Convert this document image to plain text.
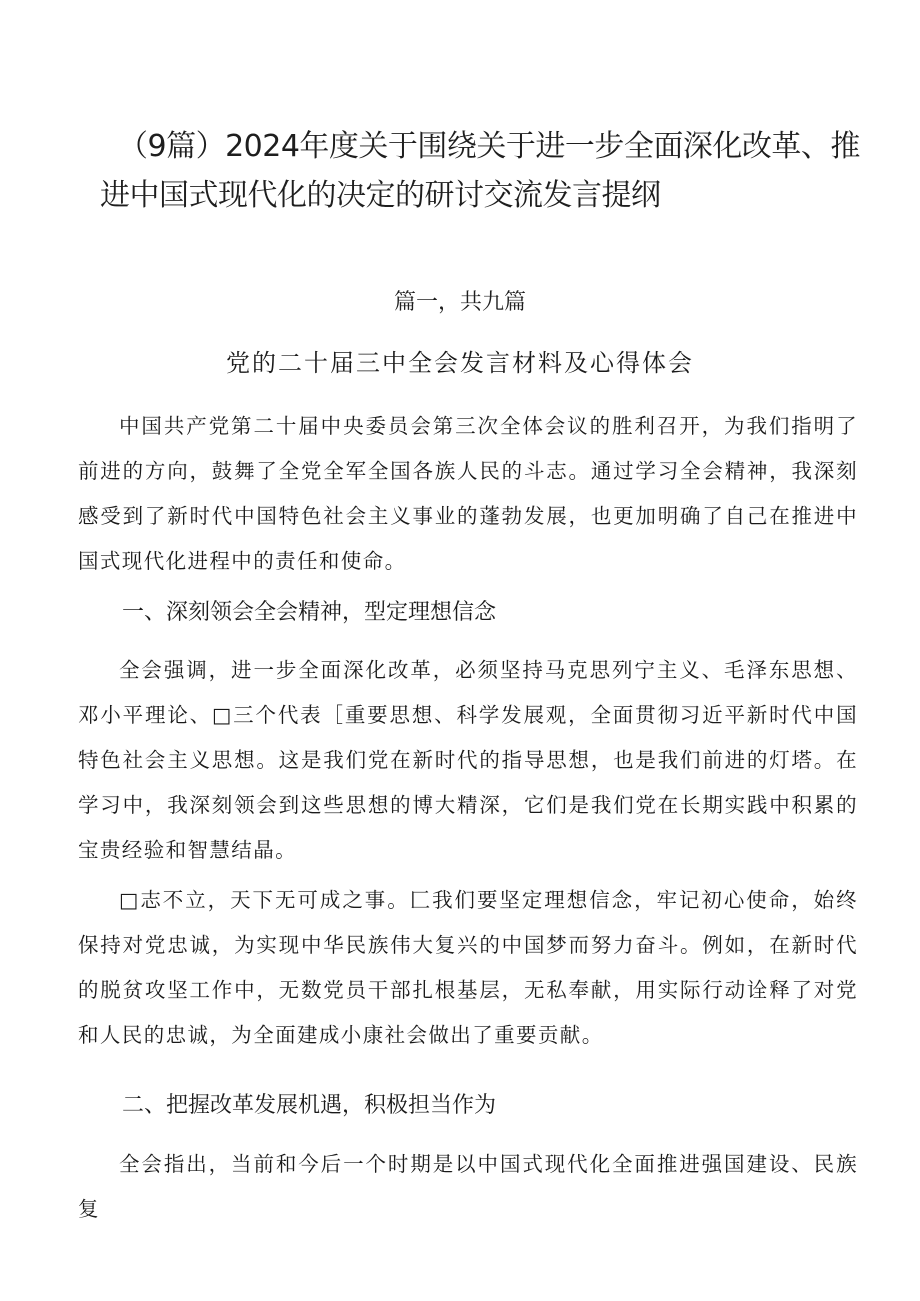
（9篇）2024年度关于围绕关于进一步全面深化改革、推
进中国式现代化的决定的研讨交流发言提纲
篇一，共九篇
党的二十届三中全会发言材料及心得体会

中国共产党第二十届中央委员会第三次全体会议的胜利召开，为我们指明了前进的方向，鼓舞了全党全军全国各族人民的斗志。通过学习全会精神，我深刻感受到了新时代中国特色社会主义事业的蓬勃发展，也更加明确了自己在推进中国式现代化进程中的责任和使命。

一、深刻领会全会精神，型定理想信念

全会强调，进一步全面深化改革，必须坚持马克思列宁主义、毛泽东思想、邓小平理论、□三个代表［重要思想、科学发展观，全面贯彻习近平新时代中国特色社会主义思想。这是我们党在新时代的指导思想，也是我们前进的灯塔。在学习中，我深刻领会到这些思想的博大精深，它们是我们党在长期实践中积累的宝贵经验和智慧结晶。

□志不立，天下无可成之事。匚我们要坚定理想信念，牢记初心使命，始终保持对党忠诚，为实现中华民族伟大复兴的中国梦而努力奋斗。例如，在新时代的脱贫攻坚工作中，无数党员干部扎根基层，无私奉献，用实际行动诠释了对党和人民的忠诚，为全面建成小康社会做出了重要贡献。

二、把握改革发展机遇，积极担当作为

全会指出，当前和今后一个时期是以中国式现代化全面推进强国建设、民族复
